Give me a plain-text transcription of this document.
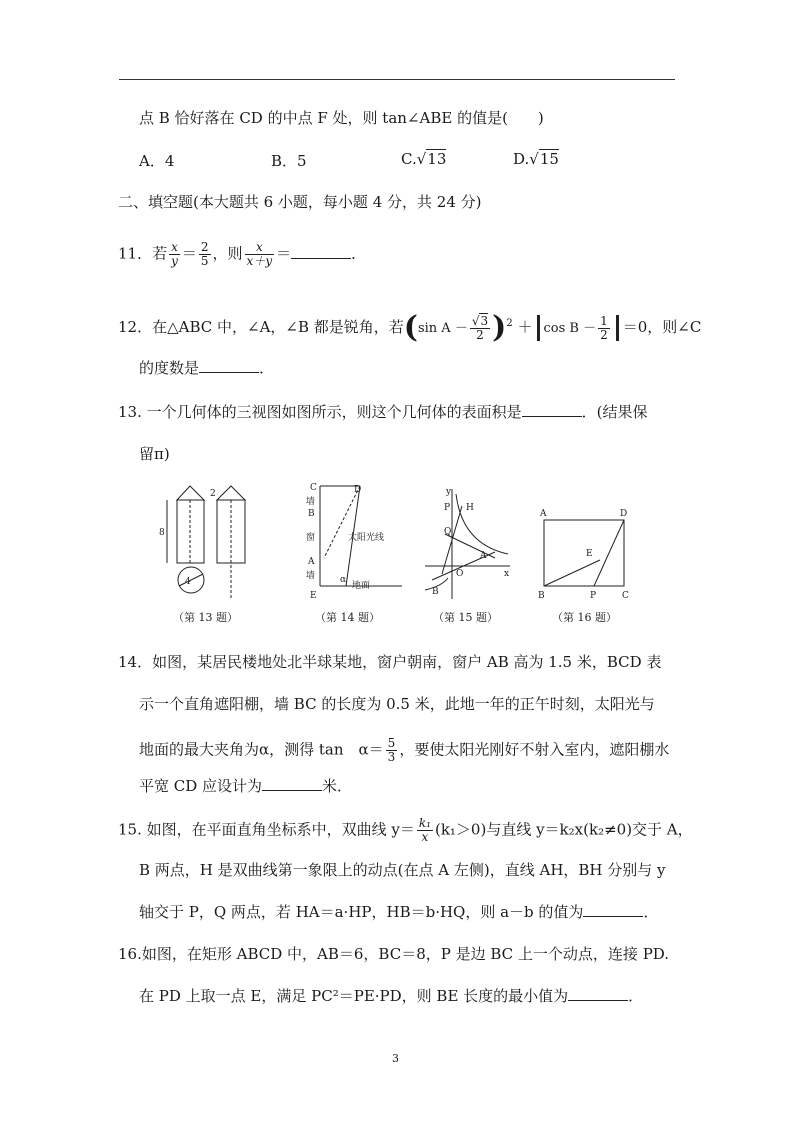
点 B 恰好落在 CD 的中点 F 处，则 tan∠ABE 的值是(　　)
A．4	B．5	C.√13	D.√15
二、填空题(本大题共 6 小题，每小题 4 分，共 24 分)
11．若 $\frac{x}{y} = \frac{2}{5}$ ，则 $\frac{x}{x+y}$ ＝	．
12．在△ABC 中，∠A，∠B 都是锐角，若(sin $A - \frac{√3}{2} )^2 + \cos B - \frac{1}{2} =0$，则∠C
的度数是	．
13. 一个几何体的三视图如图所示，则这个几何体的表面积是	．(结果保
留π)
8
2
4
C	D
墙
B
窗
A
墙
E
太阳光线
α
地面
y
P H
Q
A
O	x
B
A	D
E
B	P	C
（第 13 题）	（第 14 题）	（第 15 题）	（第 16 题）
14．如图，某居民楼地处北半球某地，窗户朝南，窗户 AB 高为 1.5 米，BCD 表
示一个直角遮阳棚，墙 BC 的长度为 0.5 米，此地一年的正午时刻，太阳光与
地面的最大夹角为α，测得 tan　$\alpha= \frac{5}{3}$ ，要使太阳光刚好不射入室内，遮阳棚水
平宽 CD 应设计为	米．
15. 如图，在平面直角坐标系中，双曲线 $y= \frac{\text{k₁}}{x} (k_1>0)$与直线 y＝k₂x(k₂≠0)交于 A，
B 两点，H 是双曲线第一象限上的动点(在点 A 左侧)，直线 AH，BH 分别与 y
轴交于 P，Q 两点，若 HA＝a·HP，HB＝b·HQ，则 a－b 的值为	．
16.如图，在矩形 ABCD 中，AB＝6，BC＝8，P 是边 BC 上一个动点，连接 PD.
在 PD 上取一点 E，满足 PC²＝PE·PD，则 BE 长度的最小值为	．
3
